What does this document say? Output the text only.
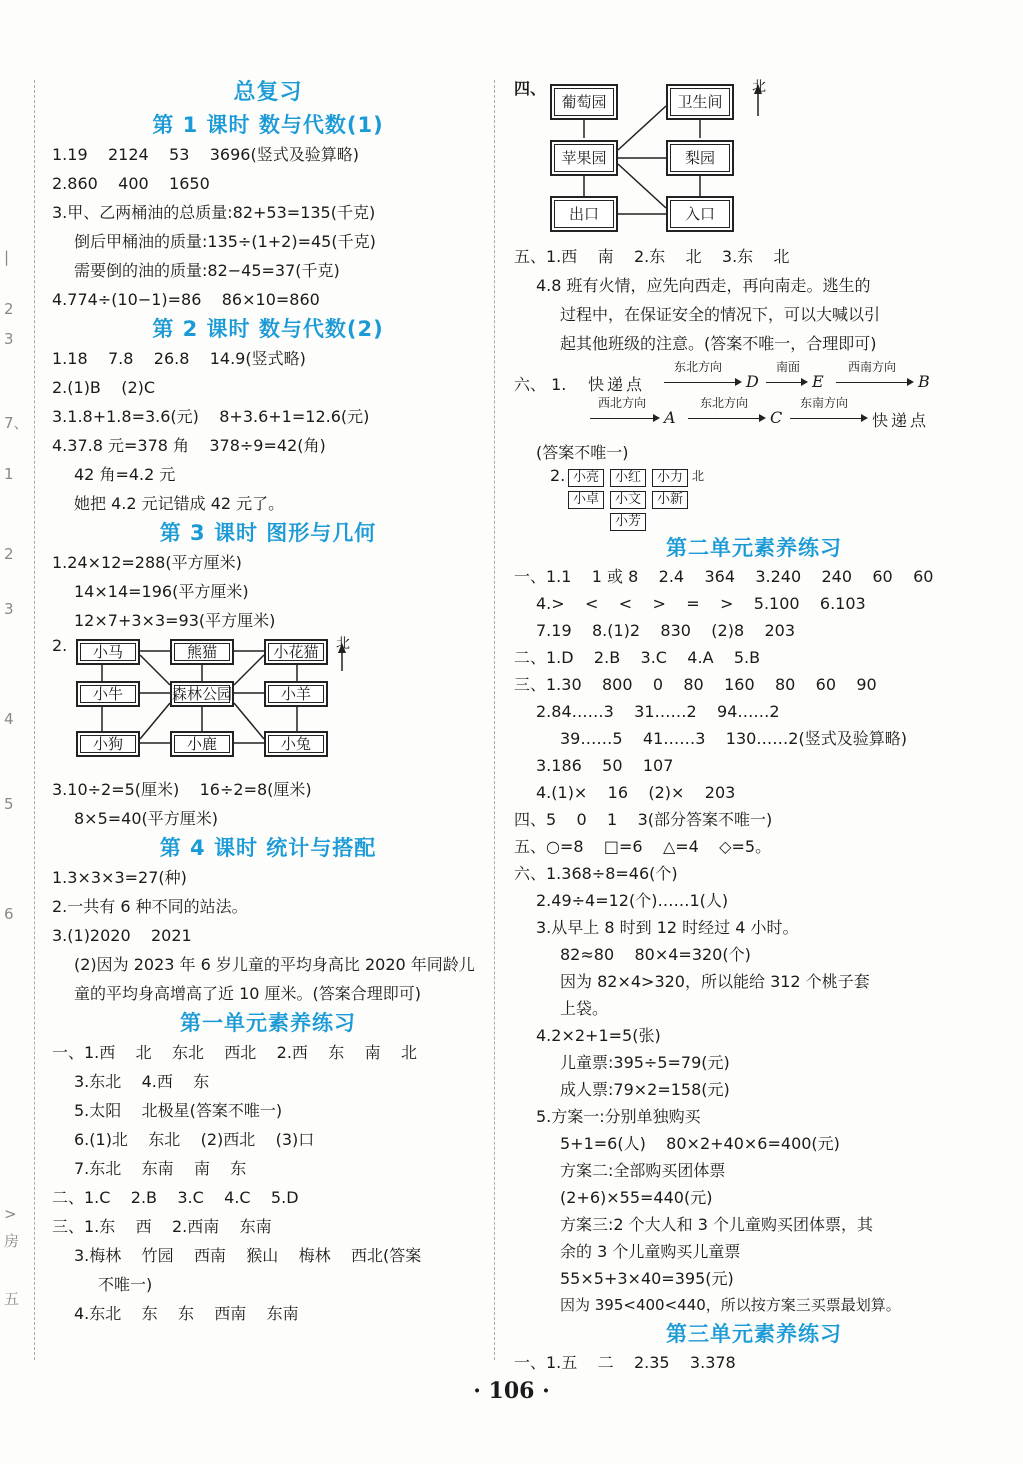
|
2
3
7、
1
2
3
4
5
6
>
房
五
总复习
第 1 课时 数与代数(1)
1.19    2124    53    3696(竖式及验算略)
2.860    400    1650
3.甲、乙两桶油的总质量:82+53=135(千克)
倒后甲桶油的质量:135÷(1+2)=45(千克)
需要倒的油的质量:82−45=37(千克)
4.774÷(10−1)=86    86×10=860
第 2 课时 数与代数(2)
1.18    7.8    26.8    14.9(竖式略)
2.(1)B    (2)C
3.1.8+1.8=3.6(元)    8+3.6+1=12.6(元)
4.37.8 元=378 角    378÷9=42(角)
42 角=4.2 元
她把 4.2 元记错成 42 元了。
第 3 课时 图形与几何
1.24×12=288(平方厘米)
14×14=196(平方厘米)
12×7+3×3=93(平方厘米)
2.	北
小马	熊猫	小花猫
小牛	森林公园	小羊
小狗	小鹿	小兔
3.10÷2=5(厘米)    16÷2=8(厘米)
8×5=40(平方厘米)
第 4 课时 统计与搭配
1.3×3×3=27(种)
2.一共有 6 种不同的站法。
3.(1)2020    2021
(2)因为 2023 年 6 岁儿童的平均身高比 2020 年同龄儿童的平均身高增高了近 10 厘米。(答案合理即可)
第一单元素养练习
一、1.西    北    东北    西北    2.西    东    南    北
3.东北    4.西    东
5.太阳    北极星(答案不唯一)
6.(1)北    东北    (2)西北    (3)口
7.东北    东南    南    东
二、1.C    2.B    3.C    4.C    5.D
三、1.东    西    2.西南    东南
3.梅林    竹园    西南    猴山    梅林    西北(答案
不唯一)
4.东北    东    东    西南    东南
四、	北
葡萄园	卫生间
苹果园	梨园
出口	入口
五、1.西    南    2.东    北    3.东    北
4.8 班有火情，应先向西走，再向南走。逃生的
过程中，在保证安全的情况下，可以大喊以引
起其他班级的注意。(答案不唯一，合理即可)
六、 1. 快递点
东北方向
D
南面
E
西南方向
B
西北方向
A
东北方向
C
东南方向
快递点
(答案不唯一)
2. 小亮	小红	小力 北
小卓	小文	小新
小芳
第二单元素养练习
一、1.1    1 或 8    2.4    364    3.240    240    60    60
4.>    <    <    >    =    >    5.100    6.103
7.19    8.(1)2    830    (2)8    203
二、1.D    2.B    3.C    4.A    5.B
三、1.30    800    0    80    160    80    60    90
2.84……3    31……2    94……2
39……5    41……3    130……2(竖式及验算略)
3.186    50    107
4.(1)×    16    (2)×    203
四、5    0    1    3(部分答案不唯一)
五、○=8    □=6    △=4    ◇=5。
六、1.368÷8=46(个)
2.49÷4=12(个)……1(人)
3.从早上 8 时到 12 时经过 4 小时。
82≈80    80×4=320(个)
因为 82×4>320，所以能给 312 个桃子套
上袋。
4.2×2+1=5(张)
儿童票:395÷5=79(元)
成人票:79×2=158(元)
5.方案一:分别单独购买
5+1=6(人)    80×2+40×6=400(元)
方案二:全部购买团体票
(2+6)×55=440(元)
方案三:2 个大人和 3 个儿童购买团体票，其
余的 3 个儿童购买儿童票
55×5+3×40=395(元)
因为 395<400<440，所以按方案三买票最划算。
第三单元素养练习
一、1.五    二    2.35    3.378
· 106 ·
